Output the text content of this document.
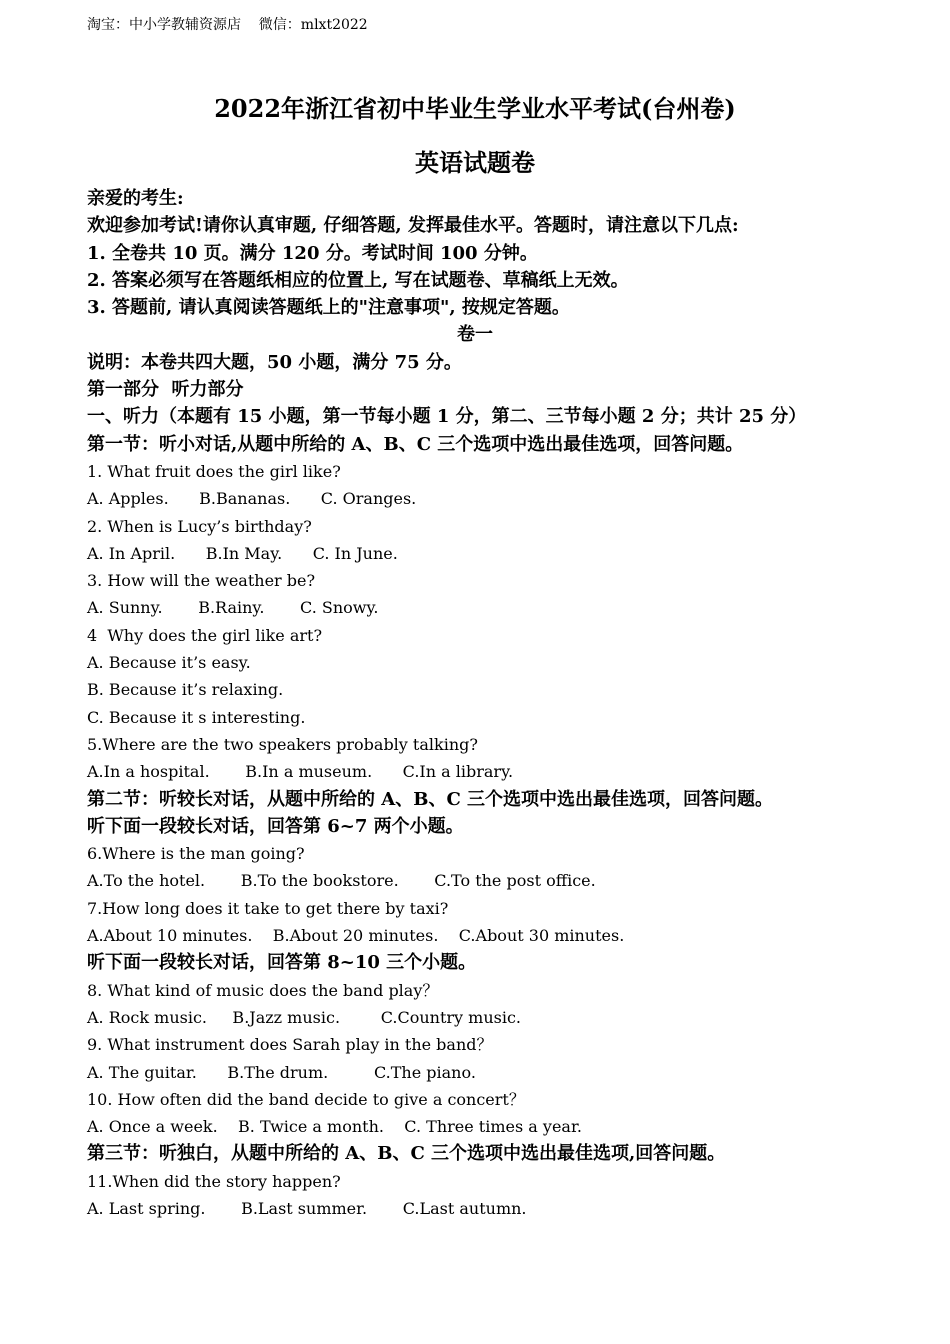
淘宝：中小学教辅资源店    微信：mlxt2022
2022年浙江省初中毕业生学业水平考试(台州卷)
英语试题卷
亲爱的考生:
欢迎参加考试!请你认真审题, 仔细答题, 发挥最佳水平。答题时，请注意以下几点:
1. 全卷共 10 页。满分 120 分。考试时间 100 分钟。
2. 答案必须写在答题纸相应的位置上, 写在试题卷、草稿纸上无效。
3. 答题前, 请认真阅读答题纸上的"注意事项", 按规定答题。
卷一
说明：本卷共四大题，50 小题，满分 75 分。
第一部分  听力部分
一、听力（本题有 15 小题，第一节每小题 1 分，第二、三节每小题 2 分；共计 25 分）
第一节：听小对话,从题中所给的 A、B、C 三个选项中选出最佳选项，回答问题。
1. What fruit does the girl like?
A. Apples.      B.Bananas.      C. Oranges.
2. When is Lucy’s birthday?
A. In April.      B.In May.      C. In June.
3. How will the weather be?
A. Sunny.       B.Rainy.       C. Snowy.
4  Why does the girl like art?
A. Because it’s easy.
B. Because it’s relaxing.
C. Because it s interesting.
5.Where are the two speakers probably talking?
A.In a hospital.       B.In a museum.      C.In a library.
第二节：听较长对话，从题中所给的 A、B、C 三个选项中选出最佳选项，回答问题。
听下面一段较长对话，回答第 6~7 两个小题。
6.Where is the man going?
A.To the hotel.       B.To the bookstore.       C.To the post office.
7.How long does it take to get there by taxi?
A.About 10 minutes.    B.About 20 minutes.    C.About 30 minutes.
听下面一段较长对话，回答第 8~10 三个小题。
8. What kind of music does the band play？
A. Rock music.     B.Jazz music.        C.Country music.
9. What instrument does Sarah play in the band？
A. The guitar.      B.The drum.         C.The piano.
10. How often did the band decide to give a concert？
A. Once a week.    B. Twice a month.    C. Three times a year.
第三节：听独白，从题中所给的 A、B、C 三个选项中选出最佳选项,回答问题。
11.When did the story happen?
A. Last spring.       B.Last summer.       C.Last autumn.
